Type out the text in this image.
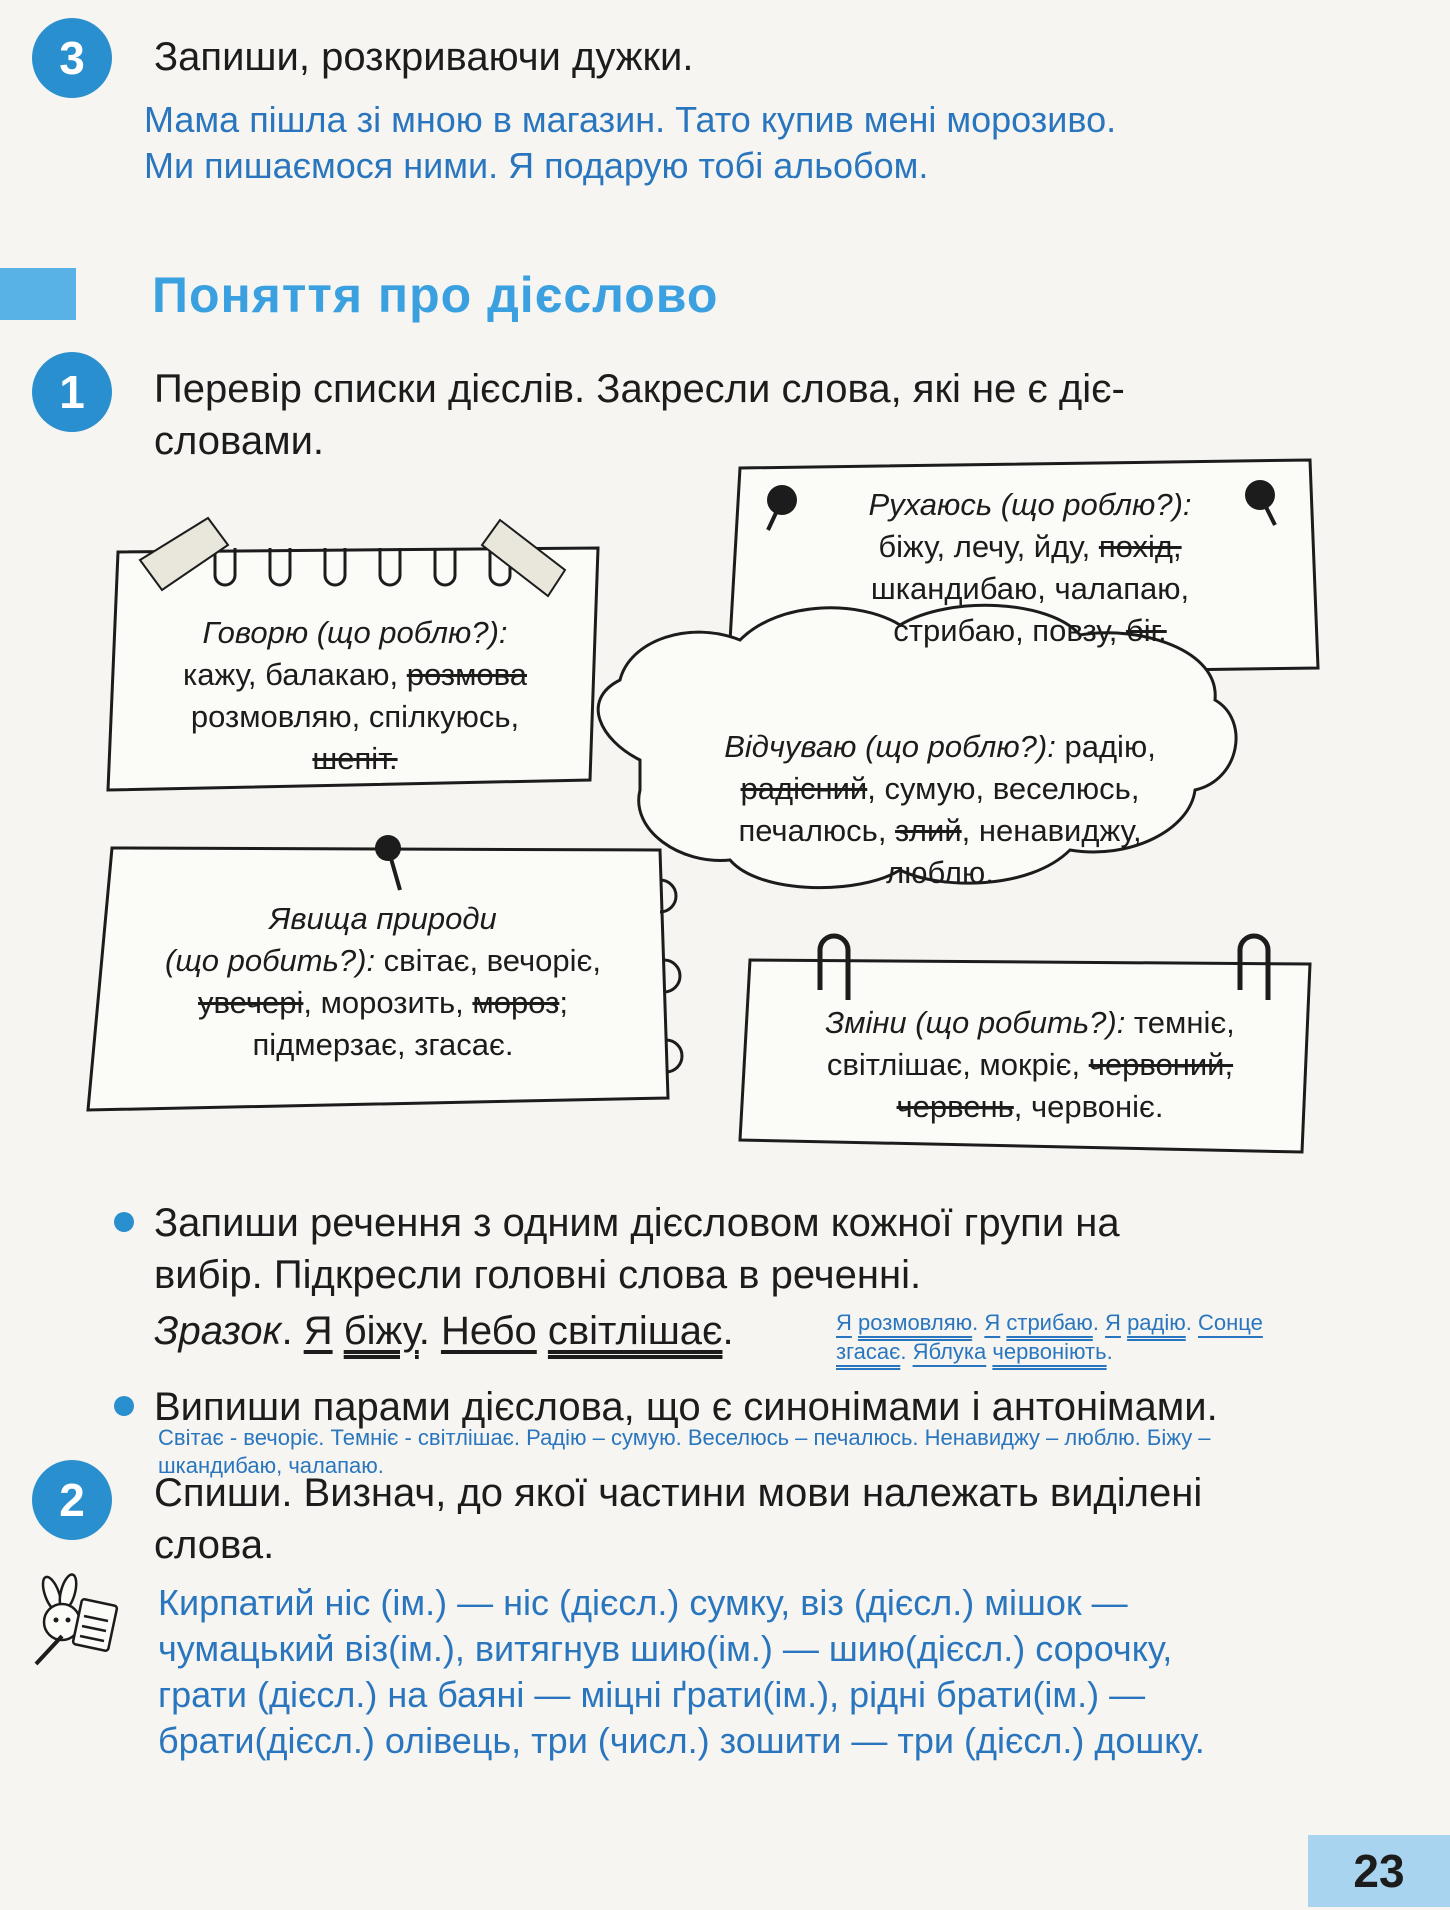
3	Запиши, розкриваючи дужки.
Мама пішла зі мною в магазин. Тато купив мені морозиво.
Ми пишаємося ними. Я подарую тобі альобом.
Поняття про дієслово
1	Перевір списки дієслів. Закресли слова, які не є діє-
словами.
Говорю (що роблю?):
кажу, балакаю, розмова
розмовляю, спілкуюсь,
шепіт.
Рухаюсь (що роблю?):
біжу, лечу, йду, похід,
шкандибаю, чалапаю,
стрибаю, повзу, біг.
Відчуваю (що роблю?): радію,
радісний, сумую, веселюсь,
печалюсь, злий, ненавиджу,
люблю.
Явища природи
(що робить?): світає, вечоріє,
увечері, морозить, мороз;
підмерзає, згасає.
Зміни (що робить?): темніє,
світлішає, мокріє, червоний,
червень, червоніє.
Запиши речення з одним дієсловом кожної групи на
вибір. Підкресли головні слова в реченні.
Зразок. Я біжу. Небо світлішає.	Я розмовляю. Я стрибаю. Я радію. Сонце
згасає. Яблука червоніють.
Випиши парами дієслова, що є синонімами і антонімами.
Світає - вечоріє. Темніє - світлішає. Радію – сумую. Веселюсь – печалюсь. Ненавиджу – люблю. Біжу –
шкандибаю, чалапаю.
2	Спиши. Визнач, до якої частини мови належать виділені
слова.
Кирпатий ніс (ім.) — ніс (дієсл.) сумку, віз (дієсл.) мішок —
чумацький віз(ім.), витягнув шию(ім.) — шию(дієсл.) сорочку,
грати (дієсл.) на баяні — міцні ґрати(ім.), рідні брати(ім.) —
брати(дієсл.) олівець, три (числ.) зошити — три (дієсл.) дошку.
23
